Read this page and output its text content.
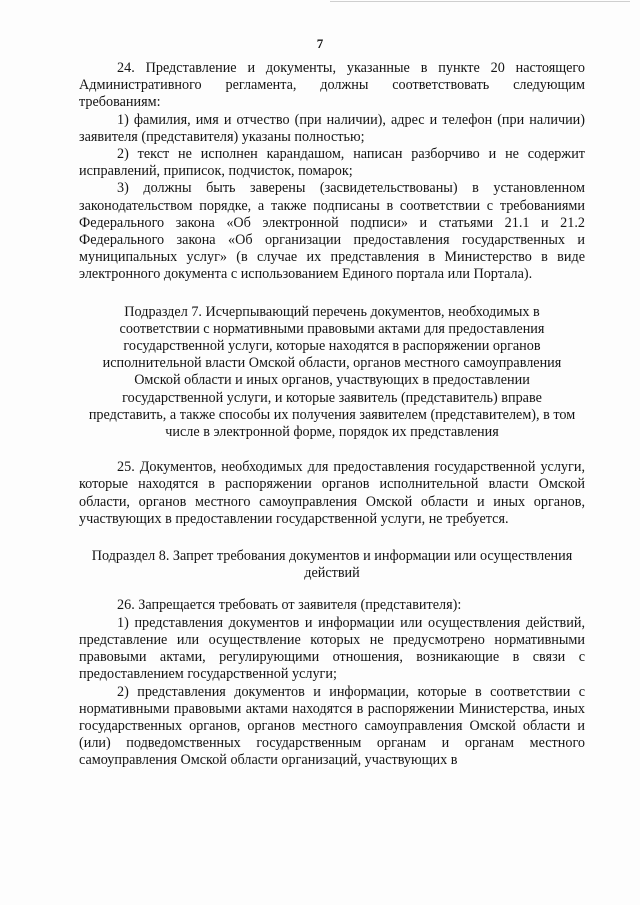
7

24. Представление и документы, указанные в пункте 20 настоящего Административного регламента, должны соответствовать следующим требованиям:

1) фамилия, имя и отчество (при наличии), адрес и телефон (при наличии) заявителя (представителя) указаны полностью;

2) текст не исполнен карандашом, написан разборчиво и не содержит исправлений, приписок, подчисток, помарок;

3) должны быть заверены (засвидетельствованы) в установленном законодательством порядке, а также подписаны в соответствии с требованиями Федерального закона «Об электронной подписи» и статьями 21.1 и 21.2 Федерального закона «Об организации предоставления государственных и муниципальных услуг» (в случае их представления в Министерство в виде электронного документа с использованием Единого портала или Портала).

Подраздел 7. Исчерпывающий перечень документов, необходимых в соответствии с нормативными правовыми актами для предоставления государственной услуги, которые находятся в распоряжении органов исполнительной власти Омской области, органов местного самоуправления Омской области и иных органов, участвующих в предоставлении государственной услуги, и которые заявитель (представитель) вправе представить, а также способы их получения заявителем (представителем), в том числе в электронной форме, порядок их представления

25. Документов, необходимых для предоставления государственной услуги, которые находятся в распоряжении органов исполнительной власти Омской области, органов местного самоуправления Омской области и иных органов, участвующих в предоставлении государственной услуги, не требуется.

Подраздел 8. Запрет требования документов и информации или осуществления действий

26. Запрещается требовать от заявителя (представителя):

1) представления документов и информации или осуществления действий, представление или осуществление которых не предусмотрено нормативными правовыми актами, регулирующими отношения, возникающие в связи с предоставлением государственной услуги;

2) представления документов и информации, которые в соответствии с нормативными правовыми актами находятся в распоряжении Министерства, иных государственных органов, органов местного самоуправления Омской области и (или) подведомственных государственным органам и органам местного самоуправления Омской области организаций, участвующих в
